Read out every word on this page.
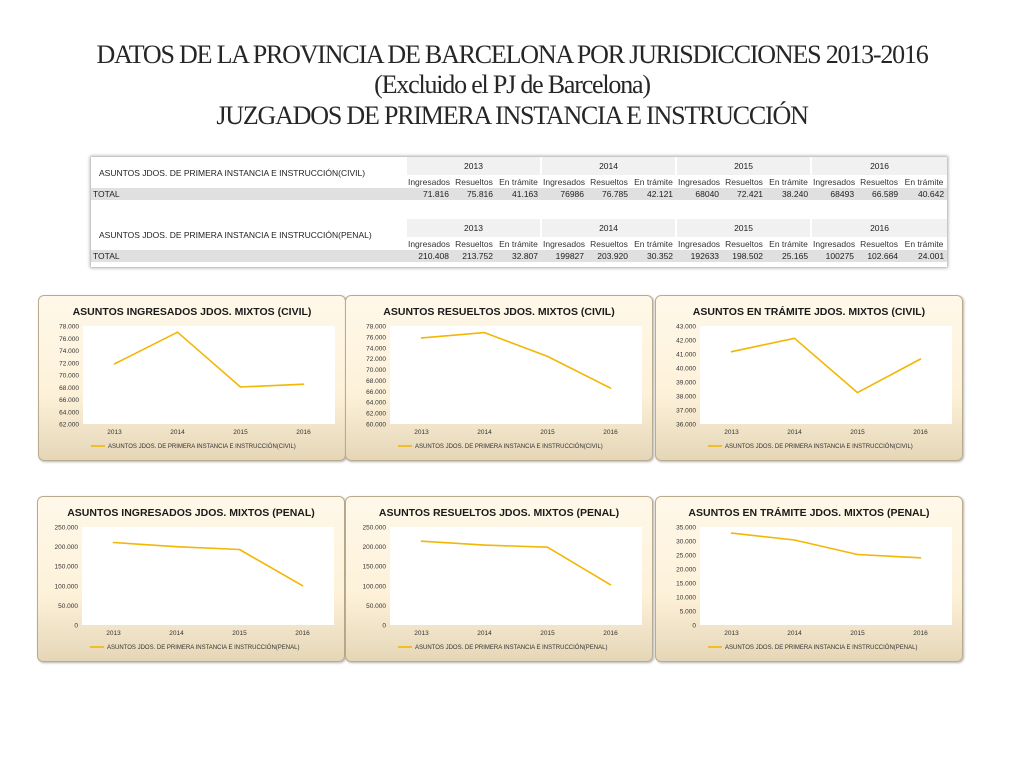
DATOS DE LA PROVINCIA DE BARCELONA POR JURISDICCIONES 2013-2016
(Excluido el PJ de Barcelona)
JUZGADOS DE PRIMERA INSTANCIA E INSTRUCCIÓN
ASUNTOS JDOS. DE PRIMERA INSTANCIA E INSTRUCCIÓN(CIVIL)	2013			2014			2015			2016		
	Ingresados	Resueltos	En trámite	Ingresados	Resueltos	En trámite	Ingresados	Resueltos	En trámite	Ingresados	Resueltos	En trámite
TOTAL	71.816	75.816	41.163	76986	76.785	42.121	68040	72.421	38.240	68493	66.589	40.642
ASUNTOS JDOS. DE PRIMERA INSTANCIA E INSTRUCCIÓN(PENAL)	2013			2014			2015			2016		
	Ingresados	Resueltos	En trámite	Ingresados	Resueltos	En trámite	Ingresados	Resueltos	En trámite	Ingresados	Resueltos	En trámite
TOTAL	210.408	213.752	32.807	199827	203.920	30.352	192633	198.502	25.165	100275	102.664	24.001
ASUNTOS INGRESADOS JDOS. MIXTOS (CIVIL)
62.000
64.000
66.000
68.000
70.000
72.000
74.000
76.000
78.000
2013	2014	2015	2016
ASUNTOS JDOS. DE PRIMERA INSTANCIA E INSTRUCCIÓN(CIVIL)
ASUNTOS RESUELTOS JDOS. MIXTOS (CIVIL)
60.000
62.000
64.000
66.000
68.000
70.000
72.000
74.000
76.000
78.000
2013	2014	2015	2016
ASUNTOS JDOS. DE PRIMERA INSTANCIA E INSTRUCCIÓN(CIVIL)
ASUNTOS EN TRÁMITE JDOS. MIXTOS (CIVIL)
36.000
37.000
38.000
39.000
40.000
41.000
42.000
43.000
2013	2014	2015	2016
ASUNTOS JDOS. DE PRIMERA INSTANCIA E INSTRUCCIÓN(CIVIL)
ASUNTOS INGRESADOS JDOS. MIXTOS (PENAL)
0
50.000
100.000
150.000
200.000
250.000
2013	2014	2015	2016
ASUNTOS JDOS. DE PRIMERA INSTANCIA E INSTRUCCIÓN(PENAL)
ASUNTOS RESUELTOS JDOS. MIXTOS (PENAL)
0
50.000
100.000
150.000
200.000
250.000
2013	2014	2015	2016
ASUNTOS JDOS. DE PRIMERA INSTANCIA E INSTRUCCIÓN(PENAL)
ASUNTOS EN TRÁMITE JDOS. MIXTOS (PENAL)
0
5.000
10.000
15.000
20.000
25.000
30.000
35.000
2013	2014	2015	2016
ASUNTOS JDOS. DE PRIMERA INSTANCIA E INSTRUCCIÓN(PENAL)
